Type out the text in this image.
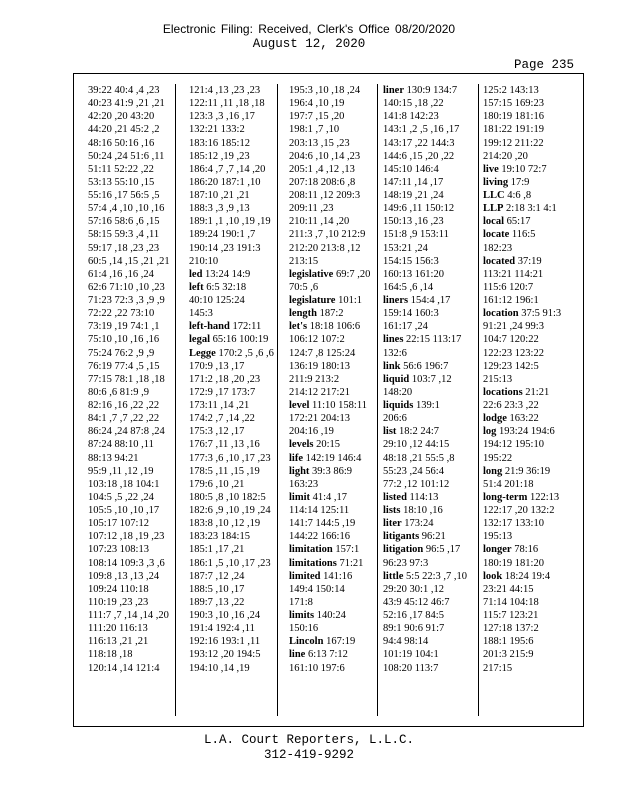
Electronic Filing: Received, Clerk's Office 08/20/2020
August 12, 2020
Page 235
39:22 40:4 ,4 ,23
40:23 41:9 ,21 ,21
42:20 ,20 43:20
44:20 ,21 45:2 ,2
48:16 50:16 ,16
50:24 ,24 51:6 ,11
51:11 52:22 ,22
53:13 55:10 ,15
55:16 ,17 56:5 ,5
57:4 ,4 ,10 ,10 ,16
57:16 58:6 ,6 ,15
58:15 59:3 ,4 ,11
59:17 ,18 ,23 ,23
60:5 ,14 ,15 ,21 ,21
61:4 ,16 ,16 ,24
62:6 71:10 ,10 ,23
71:23 72:3 ,3 ,9 ,9
72:22 ,22 73:10
73:19 ,19 74:1 ,1
75:10 ,10 ,16 ,16
75:24 76:2 ,9 ,9
76:19 77:4 ,5 ,15
77:15 78:1 ,18 ,18
80:6 ,6 81:9 ,9
82:16 ,16 ,22 ,22
84:1 ,7 ,7 ,22 ,22
86:24 ,24 87:8 ,24
87:24 88:10 ,11
88:13 94:21
95:9 ,11 ,12 ,19
103:18 ,18 104:1
104:5 ,5 ,22 ,24
105:5 ,10 ,10 ,17
105:17 107:12
107:12 ,18 ,19 ,23
107:23 108:13
108:14 109:3 ,3 ,6
109:8 ,13 ,13 ,24
109:24 110:18
110:19 ,23 ,23
111:7 ,7 ,14 ,14 ,20
111:20 116:13
116:13 ,21 ,21
118:18 ,18
120:14 ,14 121:4
121:4 ,13 ,23 ,23
122:11 ,11 ,18 ,18
123:3 ,3 ,16 ,17
132:21 133:2
183:16 185:12
185:12 ,19 ,23
186:4 ,7 ,7 ,14 ,20
186:20 187:1 ,10
187:10 ,21 ,21
188:3 ,3 ,9 ,13
189:1 ,1 ,10 ,19 ,19
189:24 190:1 ,7
190:14 ,23 191:3
210:10
led 13:24 14:9
left 6:5 32:18
40:10 125:24
145:3
left-hand 172:11
legal 65:16 100:19
Legge 170:2 ,5 ,6 ,6
170:9 ,13 ,17
171:2 ,18 ,20 ,23
172:9 ,17 173:7
173:11 ,14 ,21
174:2 ,7 ,14 ,22
175:3 ,12 ,17
176:7 ,11 ,13 ,16
177:3 ,6 ,10 ,17 ,23
178:5 ,11 ,15 ,19
179:6 ,10 ,21
180:5 ,8 ,10 182:5
182:6 ,9 ,10 ,19 ,24
183:8 ,10 ,12 ,19
183:23 184:15
185:1 ,17 ,21
186:1 ,5 ,10 ,17 ,23
187:7 ,12 ,24
188:5 ,10 ,17
189:7 ,13 ,22
190:3 ,10 ,16 ,24
191:4 192:4 ,11
192:16 193:1 ,11
193:12 ,20 194:5
194:10 ,14 ,19
195:3 ,10 ,18 ,24
196:4 ,10 ,19
197:7 ,15 ,20
198:1 ,7 ,10
203:13 ,15 ,23
204:6 ,10 ,14 ,23
205:1 ,4 ,12 ,13
207:18 208:6 ,8
208:11 ,12 209:3
209:11 ,23
210:11 ,14 ,20
211:3 ,7 ,10 212:9
212:20 213:8 ,12
213:15
legislative 69:7 ,20
70:5 ,6
legislature 101:1
length 187:2
let's 18:18 106:6
106:12 107:2
124:7 ,8 125:24
136:19 180:13
211:9 213:2
214:12 217:21
level 11:10 158:11
172:21 204:13
204:16 ,19
levels 20:15
life 142:19 146:4
light 39:3 86:9
163:23
limit 41:4 ,17
114:14 125:11
141:7 144:5 ,19
144:22 166:16
limitation 157:1
limitations 71:21
limited 141:16
149:4 150:14
171:8
limits 140:24
150:16
Lincoln 167:19
line 6:13 7:12
161:10 197:6
liner 130:9 134:7
140:15 ,18 ,22
141:8 142:23
143:1 ,2 ,5 ,16 ,17
143:17 ,22 144:3
144:6 ,15 ,20 ,22
145:10 146:4
147:11 ,14 ,17
148:19 ,21 ,24
149:6 ,11 150:12
150:13 ,16 ,23
151:8 ,9 153:11
153:21 ,24
154:15 156:3
160:13 161:20
164:5 ,6 ,14
liners 154:4 ,17
159:14 160:3
161:17 ,24
lines 22:15 113:17
132:6
link 56:6 196:7
liquid 103:7 ,12
148:20
liquids 139:1
206:6
list 18:2 24:7
29:10 ,12 44:15
48:18 ,21 55:5 ,8
55:23 ,24 56:4
77:2 ,12 101:12
listed 114:13
lists 18:10 ,16
liter 173:24
litigants 96:21
litigation 96:5 ,17
96:23 97:3
little 5:5 22:3 ,7 ,10
29:20 30:1 ,12
43:9 45:12 46:7
52:16 ,17 84:5
89:1 90:6 91:7
94:4 98:14
101:19 104:1
108:20 113:7
125:2 143:13
157:15 169:23
180:19 181:16
181:22 191:19
199:12 211:22
214:20 ,20
live 19:10 72:7
living 17:9
LLC 4:6 ,8
LLP 2:18 3:1 4:1
local 65:17
locate 116:5
182:23
located 37:19
113:21 114:21
115:6 120:7
161:12 196:1
location 37:5 91:3
91:21 ,24 99:3
104:7 120:22
122:23 123:22
129:23 142:5
215:13
locations 21:21
22:6 23:3 ,22
lodge 163:22
log 193:24 194:6
194:12 195:10
195:22
long 21:9 36:19
51:4 201:18
long-term 122:13
122:17 ,20 132:2
132:17 133:10
195:13
longer 78:16
180:19 181:20
look 18:24 19:4
23:21 44:15
71:14 104:18
115:7 123:21
127:18 137:2
188:1 195:6
201:3 215:9
217:15
L.A. Court Reporters, L.L.C.
312-419-9292
